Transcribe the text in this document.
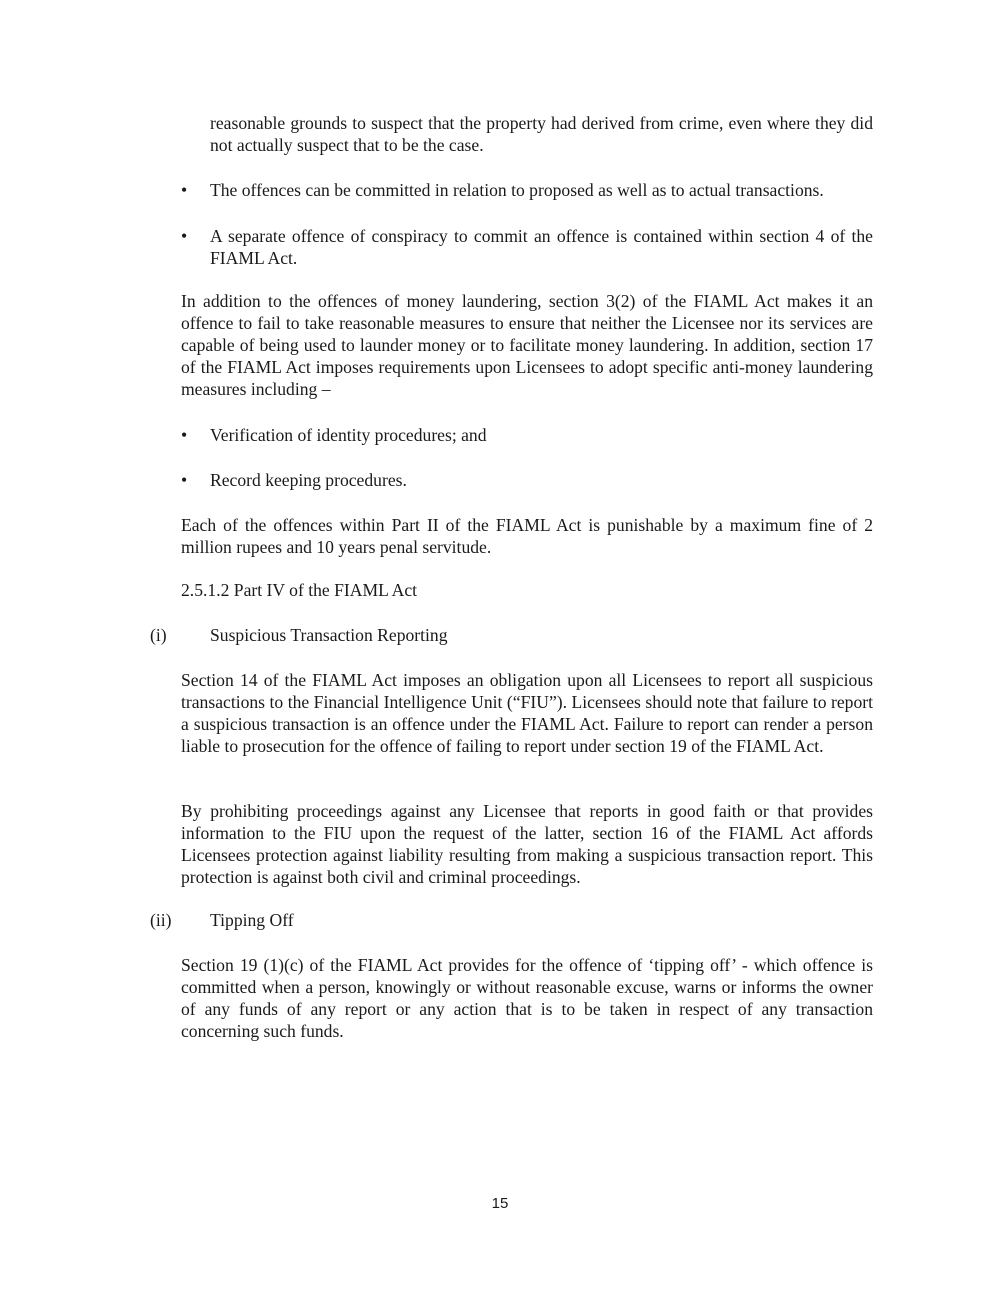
reasonable grounds to suspect that the property had derived from crime, even where they did not actually suspect that to be the case.

•	The offences can be committed in relation to proposed as well as to actual transactions.
•	A separate offence of conspiracy to commit an offence is contained within section 4 of the FIAML Act.

In addition to the offences of money laundering, section 3(2) of the FIAML Act makes it an offence to fail to take reasonable measures to ensure that neither the Licensee nor its services are capable of being used to launder money or to facilitate money laundering. In addition, section 17 of the FIAML Act imposes requirements upon Licensees to adopt specific anti-money laundering measures including –

•	Verification of identity procedures; and
•	Record keeping procedures.

Each of the offences within Part II of the FIAML Act is punishable by a maximum fine of 2 million rupees and 10 years penal servitude.

2.5.1.2 Part IV of the FIAML Act

(i) Suspicious Transaction Reporting

Section 14 of the FIAML Act imposes an obligation upon all Licensees to report all suspicious transactions to the Financial Intelligence Unit (“FIU”). Licensees should note that failure to report a suspicious transaction is an offence under the FIAML Act. Failure to report can render a person liable to prosecution for the offence of failing to report under section 19 of the FIAML Act.

By prohibiting proceedings against any Licensee that reports in good faith or that provides information to the FIU upon the request of the latter, section 16 of the FIAML Act affords Licensees protection against liability resulting from making a suspicious transaction report. This protection is against both civil and criminal proceedings.

(ii) Tipping Off

Section 19 (1)(c) of the FIAML Act provides for the offence of ‘tipping off’ - which offence is committed when a person, knowingly or without reasonable excuse, warns or informs the owner of any funds of any report or any action that is to be taken in respect of any transaction concerning such funds.

15
